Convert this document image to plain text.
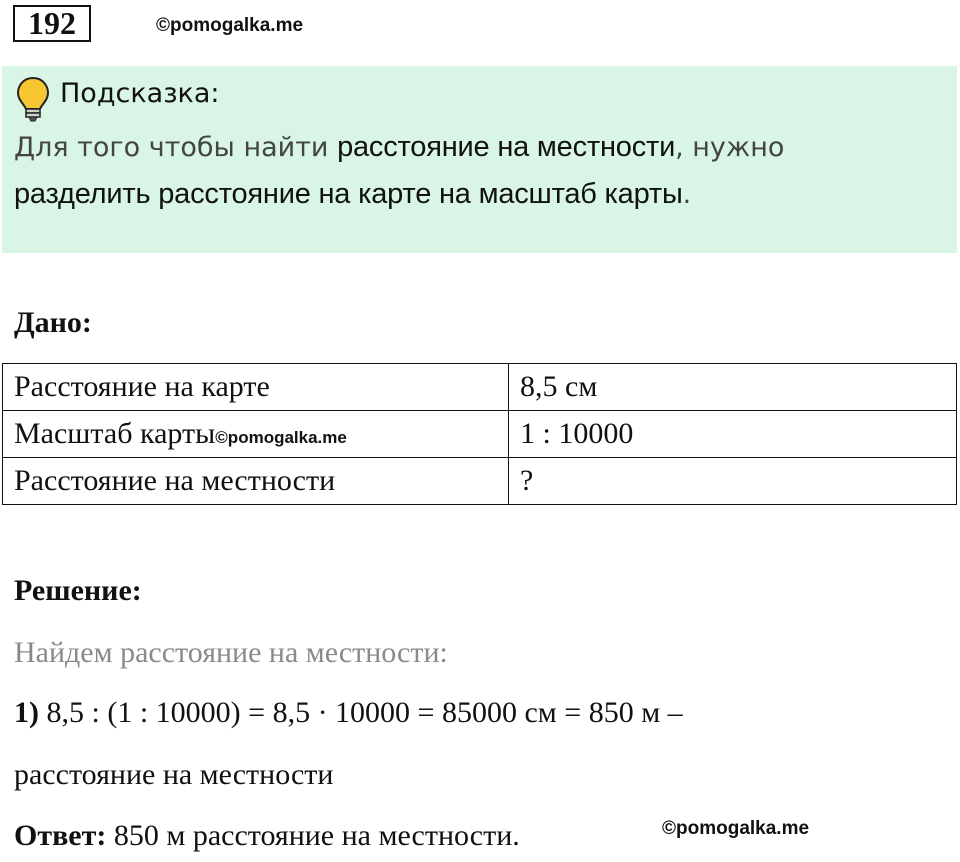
192	©pomogalka.me
Подсказка:
Для того чтобы найти расстояние на местности, нужно
разделить расстояние на карте на масштаб карты.
Дано:
Расстояние на карте	8,5 см
Масштаб карты©pomogalka.me	1 : 10000
Расстояние на местности	?
Решение:
Найдем расстояние на местности:
1) 8,5 : (1 : 10000) = 8,5 · 10000 = 85000 см = 850 м –
расстояние на местности
Ответ: 850 м расстояние на местности.	©pomogalka.me
